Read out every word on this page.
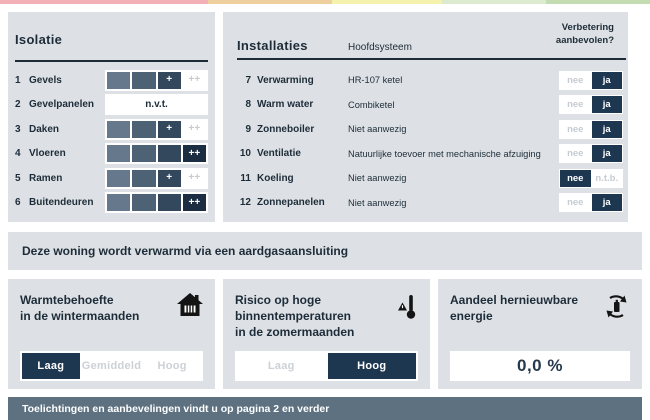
Isolatie
1 Gevels	+	++
2 Gevelpanelen	n.v.t.
3 Daken	+	++
4 Vloeren	++
5 Ramen	+	++
6 Buitendeuren	++
Installaties	Hoofdsysteem
Verbetering
aanbevolen?
7 Verwarming	HR-107 ketel	nee	ja
8 Warm water	Combiketel	nee	ja
9 Zonneboiler	Niet aanwezig	nee	ja
10 Ventilatie	Natuurlijke toevoer met mechanische afzuiging	nee	ja
11 Koeling	Niet aanwezig	nee	n.t.b.
12 Zonnepanelen	Niet aanwezig	nee	ja
Deze woning wordt verwarmd via een aardgasaansluiting
Warmtebehoefte
in de wintermaanden
Laag	Gemiddeld	Hoog
Risico op hoge
binnentemperaturen
in de zomermaanden
Laag	Hoog
Aandeel hernieuwbare
energie
0,0 %
Toelichtingen en aanbevelingen vindt u op pagina 2 en verder
